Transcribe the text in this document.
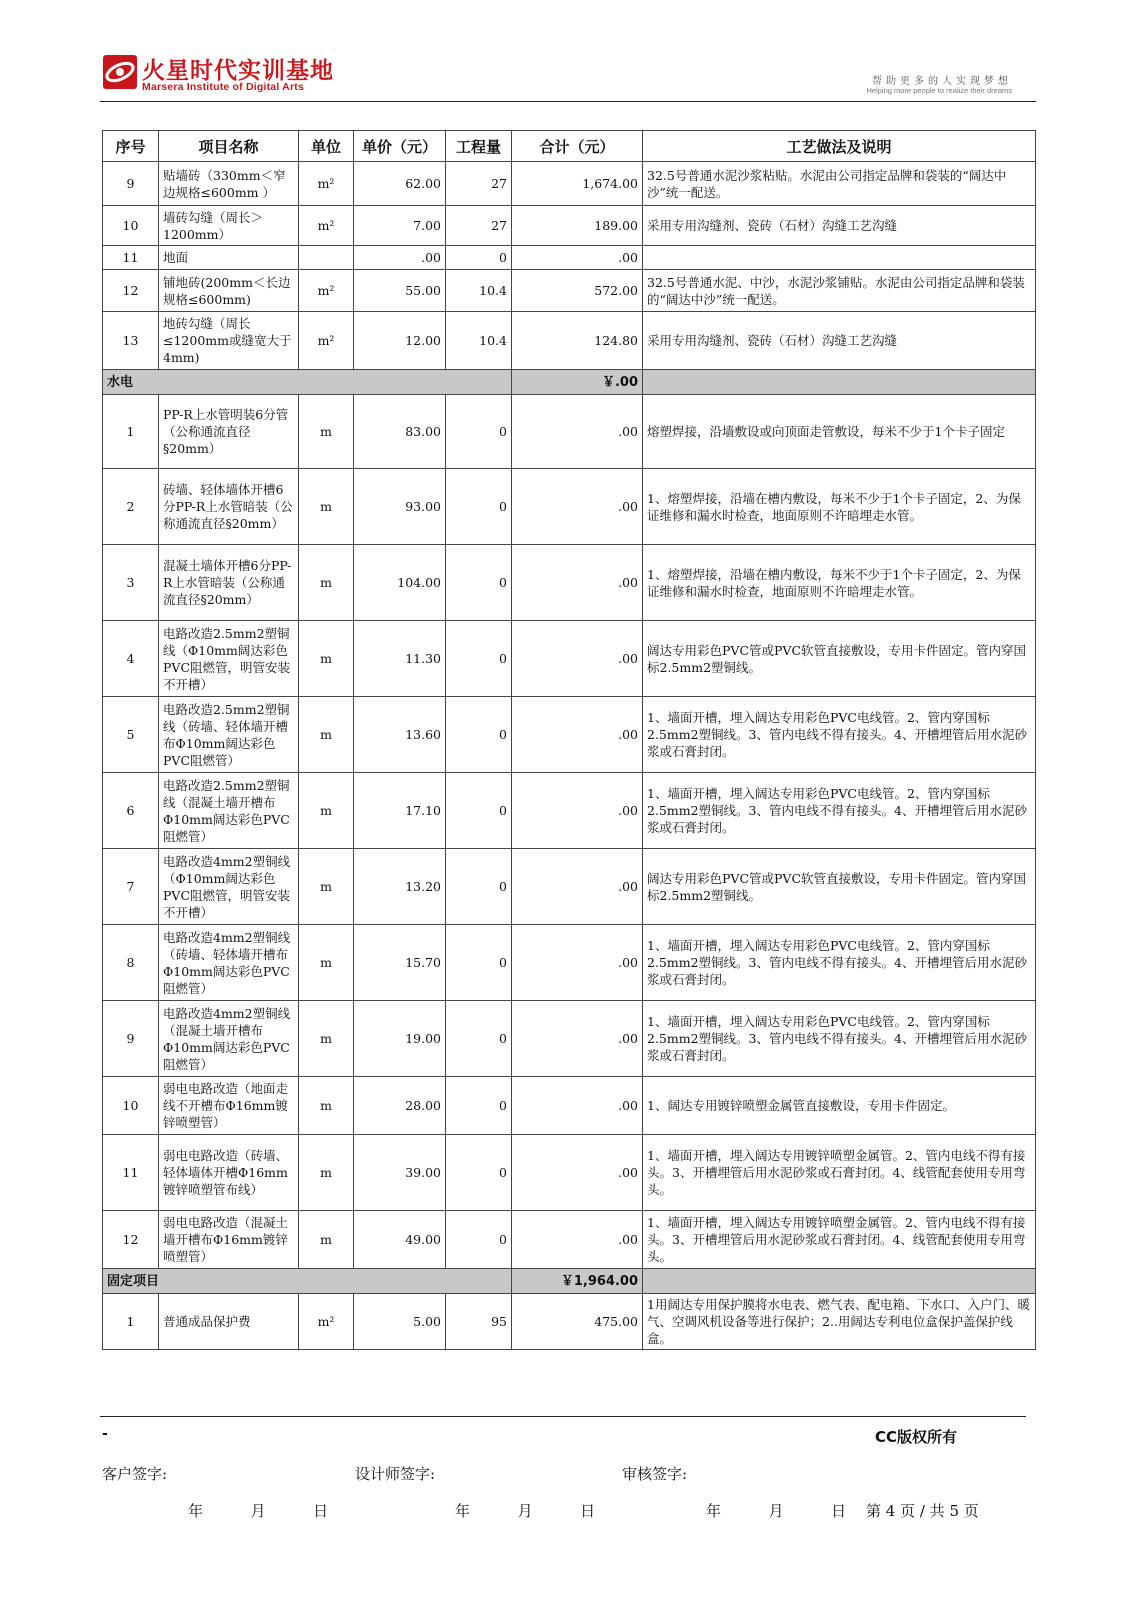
火星时代实训基地
Marsera Institute of Digital Arts	帮助更多的人实现梦想
Helping more people to realize their dreams
序号	项目名称	单位	单价（元）	工程量	合计（元）	工艺做法及说明
9	贴墙砖（330mm＜窄边规格≤600mm ）	m²	62.00	27	1,674.00	32.5号普通水泥沙浆粘贴。水泥由公司指定品牌和袋装的“阔达中沙”统一配送。
10	墙砖勾缝（周长＞1200mm）	m²	7.00	27	189.00	采用专用沟缝剂、瓷砖（石材）沟缝工艺沟缝
11	地面		.00	0	.00	
12	铺地砖(200mm＜长边规格≤600mm)	m²	55.00	10.4	572.00	32.5号普通水泥、中沙，水泥沙浆铺贴。水泥由公司指定品牌和袋装的“阔达中沙”统一配送。
13	地砖勾缝（周长≤1200mm或缝宽大于4mm)	m²	12.00	10.4	124.80	采用专用沟缝剂、瓷砖（石材）沟缝工艺沟缝
水电					￥.00	
1	PP-R上水管明装6分管（公称通流直径§20mm）	m	83.00	0	.00	熔塑焊接，沿墙敷设或向顶面走管敷设，每米不少于1个卡子固定
2	砖墙、轻体墙体开槽6分PP-R上水管暗装（公称通流直径§20mm）	m	93.00	0	.00	1、熔塑焊接，沿墙在槽内敷设，每米不少于1个卡子固定，2、为保证维修和漏水时检查，地面原则不许暗埋走水管。
3	混凝土墙体开槽6分PP-R上水管暗装（公称通流直径§20mm）	m	104.00	0	.00	1、熔塑焊接，沿墙在槽内敷设，每米不少于1个卡子固定，2、为保证维修和漏水时检查，地面原则不许暗埋走水管。
4	电路改造2.5mm2塑铜线（Φ10mm阔达彩色PVC阻燃管，明管安装不开槽）	m	11.30	0	.00	阔达专用彩色PVC管或PVC软管直接敷设，专用卡件固定。管内穿国标2.5mm2塑铜线。
5	电路改造2.5mm2塑铜线（砖墙、轻体墙开槽布Φ10mm阔达彩色PVC阻燃管）	m	13.60	0	.00	1、墙面开槽，埋入阔达专用彩色PVC电线管。2、管内穿国标2.5mm2塑铜线。3、管内电线不得有接头。4、开槽埋管后用水泥砂浆或石膏封闭。
6	电路改造2.5mm2塑铜线（混凝土墙开槽布Φ10mm阔达彩色PVC阻燃管）	m	17.10	0	.00	1、墙面开槽，埋入阔达专用彩色PVC电线管。2、管内穿国标2.5mm2塑铜线。3、管内电线不得有接头。4、开槽埋管后用水泥砂浆或石膏封闭。
7	电路改造4mm2塑铜线（Φ10mm阔达彩色PVC阻燃管，明管安装不开槽）	m	13.20	0	.00	阔达专用彩色PVC管或PVC软管直接敷设，专用卡件固定。管内穿国标2.5mm2塑铜线。
8	电路改造4mm2塑铜线（砖墙、轻体墙开槽布Φ10mm阔达彩色PVC阻燃管）	m	15.70	0	.00	1、墙面开槽，埋入阔达专用彩色PVC电线管。2、管内穿国标2.5mm2塑铜线。3、管内电线不得有接头。4、开槽埋管后用水泥砂浆或石膏封闭。
9	电路改造4mm2塑铜线（混凝土墙开槽布Φ10mm阔达彩色PVC阻燃管）	m	19.00	0	.00	1、墙面开槽，埋入阔达专用彩色PVC电线管。2、管内穿国标2.5mm2塑铜线。3、管内电线不得有接头。4、开槽埋管后用水泥砂浆或石膏封闭。
10	弱电电路改造（地面走线不开槽布Φ16mm镀锌喷塑管）	m	28.00	0	.00	1、阔达专用镀锌喷塑金属管直接敷设，专用卡件固定。
11	弱电电路改造（砖墙、轻体墙体开槽Φ16mm镀锌喷塑管布线）	m	39.00	0	.00	1、墙面开槽，埋入阔达专用镀锌喷塑金属管。2、管内电线不得有接头。3、开槽埋管后用水泥砂浆或石膏封闭。4、线管配套使用专用弯头。
12	弱电电路改造（混凝土墙开槽布Φ16mm镀锌喷塑管）	m	49.00	0	.00	1、墙面开槽，埋入阔达专用镀锌喷塑金属管。2、管内电线不得有接头。3、开槽埋管后用水泥砂浆或石膏封闭。4、线管配套使用专用弯头。
固定项目					￥1,964.00	
1	普通成品保护费	m²	5.00	95	475.00	1用阔达专用保护膜将水电表、燃气表、配电箱、下水口、入户门、暖气、空调风机设备等进行保护；2..用阔达专利电位盒保护盖保护线盒。
-	CC版权所有
客户签字:	设计师签字:	审核签字:
年	月	日	年	月	日	年	月	日 第 4 页 / 共 5 页
